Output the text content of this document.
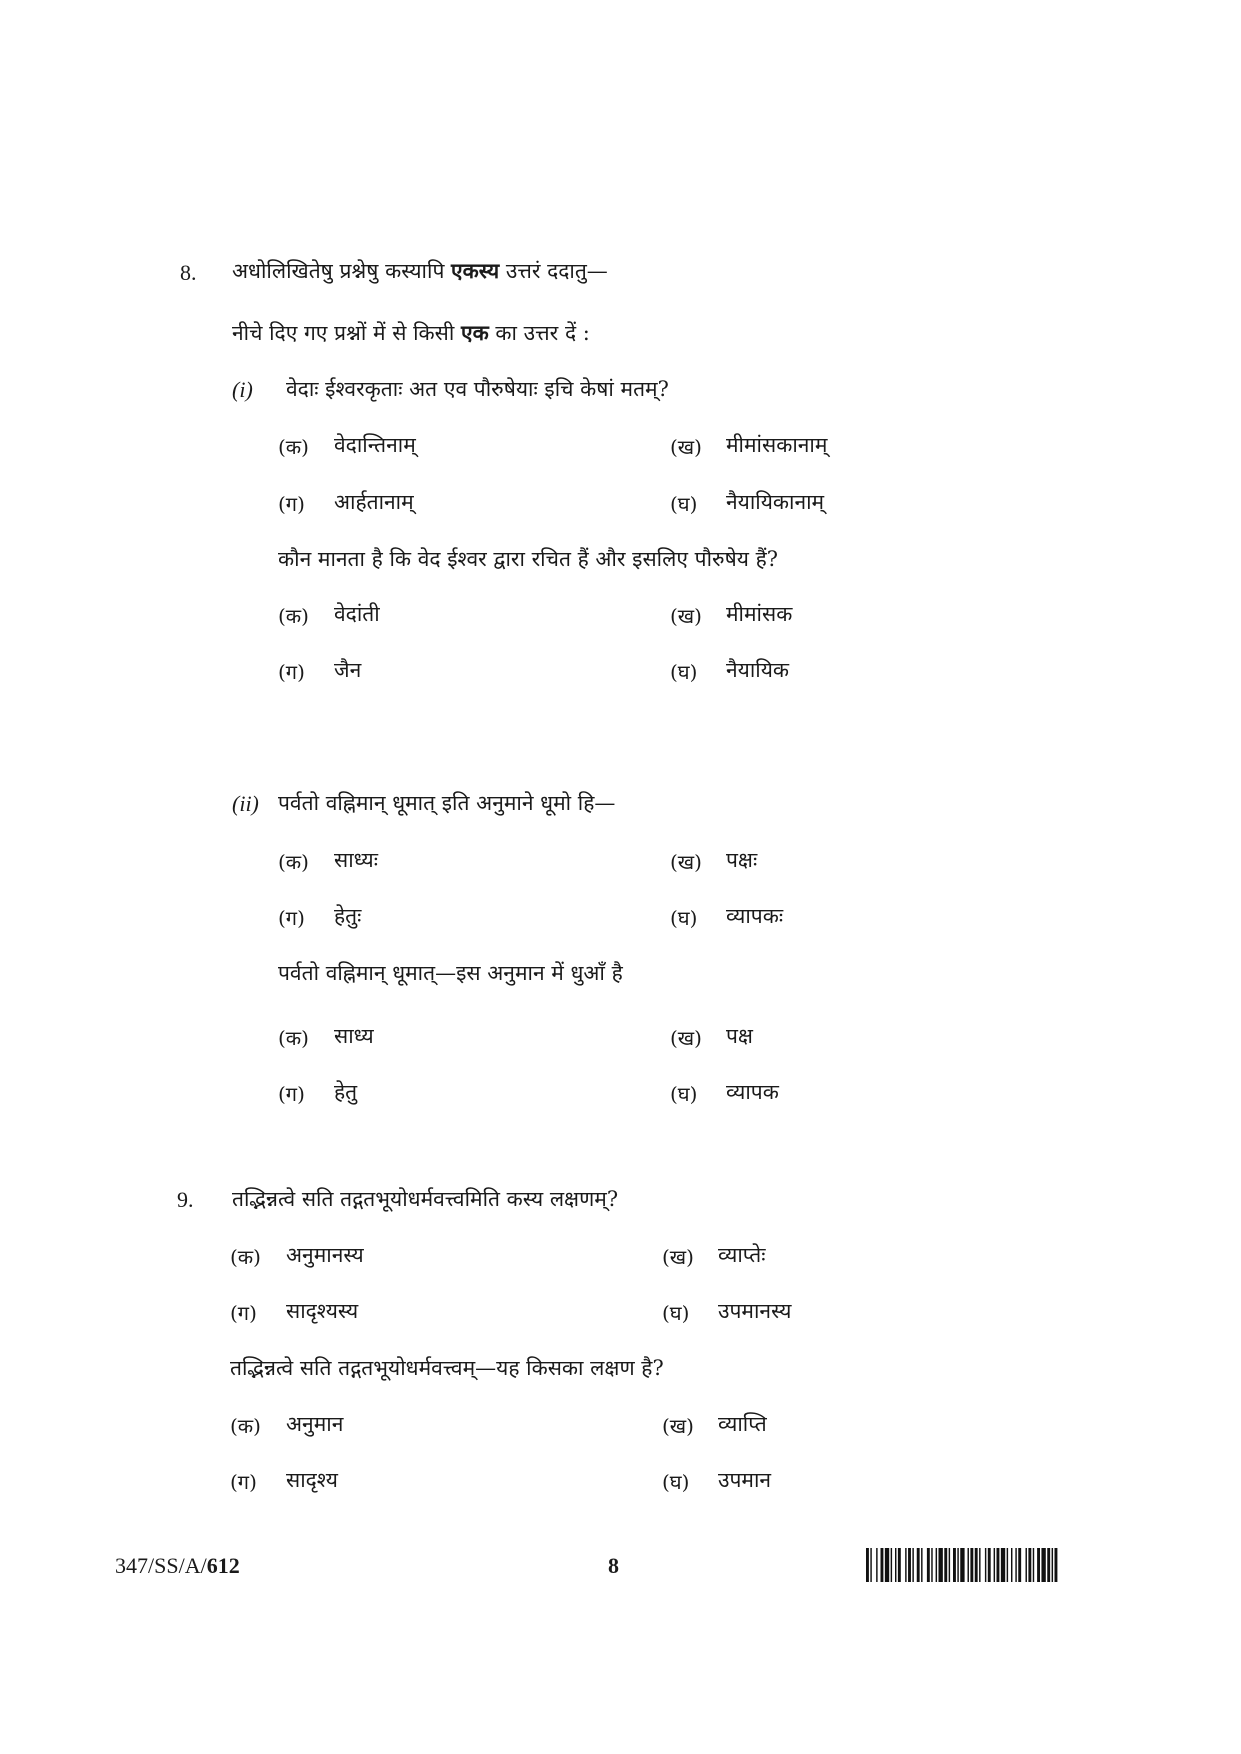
8. अधोलिखितेषु प्रश्नेषु कस्यापि एकस्य उत्तरं ददातु—
नीचे दिए गए प्रश्नों में से किसी एक का उत्तर दें :
(i) वेदाः ईश्वरकृताः अत एव पौरुषेयाः इचि केषां मतम्?
(क) वेदान्तिनाम्	(ख) मीमांसकानाम्
(ग) आर्हतानाम्	(घ) नैयायिकानाम्
कौन मानता है कि वेद ईश्वर द्वारा रचित हैं और इसलिए पौरुषेय हैं?
(क) वेदांती	(ख) मीमांसक
(ग) जैन	(घ) नैयायिक
(ii) पर्वतो वह्निमान् धूमात् इति अनुमाने धूमो हि—
(क) साध्यः	(ख) पक्षः
(ग) हेतुः	(घ) व्यापकः
पर्वतो वह्निमान् धूमात्—इस अनुमान में धुआँ है
(क) साध्य	(ख) पक्ष
(ग) हेतु	(घ) व्यापक
9. तद्भिन्नत्वे सति तद्गतभूयोधर्मवत्त्वमिति कस्य लक्षणम्?
(क) अनुमानस्य	(ख) व्याप्तेः
(ग) सादृश्यस्य	(घ) उपमानस्य
तद्भिन्नत्वे सति तद्गतभूयोधर्मवत्त्वम्—यह किसका लक्षण है?
(क) अनुमान	(ख) व्याप्ति
(ग) सादृश्य	(घ) उपमान
347/SS/A/612	8
